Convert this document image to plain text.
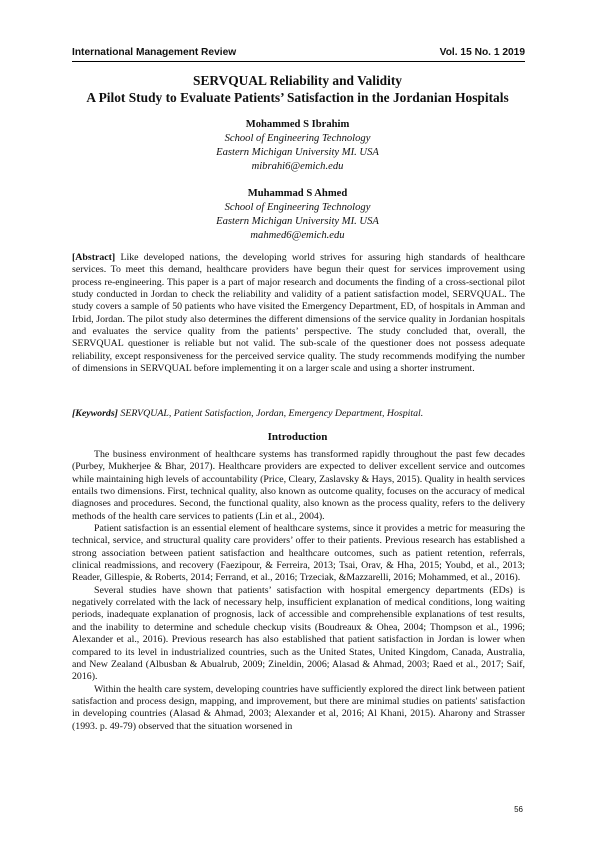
International Management Review	Vol. 15 No. 1 2019
SERVQUAL Reliability and Validity
A Pilot Study to Evaluate Patients’ Satisfaction in the Jordanian Hospitals
Mohammed S Ibrahim
School of Engineering Technology
Eastern Michigan University MI. USA
mibrahi6@emich.edu
Muhammad S Ahmed
School of Engineering Technology
Eastern Michigan University MI. USA
mahmed6@emich.edu
[Abstract] Like developed nations, the developing world strives for assuring high standards of healthcare services. To meet this demand, healthcare providers have begun their quest for services improvement using process re-engineering. This paper is a part of major research and documents the finding of a cross-sectional pilot study conducted in Jordan to check the reliability and validity of a patient satisfaction model, SERVQUAL. The study covers a sample of 50 patients who have visited the Emergency Department, ED, of hospitals in Amman and Irbid, Jordan. The pilot study also determines the different dimensions of the service quality in Jordanian hospitals and evaluates the service quality from the patients’ perspective. The study concluded that, overall, the SERVQUAL questioner is reliable but not valid. The sub-scale of the questioner does not possess adequate reliability, except responsiveness for the perceived service quality. The study recommends modifying the number of dimensions in SERVQUAL before implementing it on a larger scale and using a shorter instrument.
[Keywords] SERVQUAL, Patient Satisfaction, Jordan, Emergency Department, Hospital.
Introduction

The business environment of healthcare systems has transformed rapidly throughout the past few decades (Purbey, Mukherjee & Bhar, 2017). Healthcare providers are expected to deliver excellent service and outcomes while maintaining high levels of accountability (Price, Cleary, Zaslavsky & Hays, 2015). Quality in health services entails two dimensions. First, technical quality, also known as outcome quality, focuses on the accuracy of medical diagnoses and procedures. Second, the functional quality, also known as the process quality, refers to the delivery methods of the health care services to patients (Lin et al., 2004).

Patient satisfaction is an essential element of healthcare systems, since it provides a metric for measuring the technical, service, and structural quality care providers’ offer to their patients. Previous research has established a strong association between patient satisfaction and healthcare outcomes, such as patient retention, referrals, clinical readmissions, and recovery (Faezipour, & Ferreira, 2013; Tsai, Orav, & Hha, 2015; Youbd, et al., 2013; Reader, Gillespie, & Roberts, 2014; Ferrand, et al., 2016; Trzeciak, &Mazzarelli, 2016; Mohammed, et al., 2016).

Several studies have shown that patients’ satisfaction with hospital emergency departments (EDs) is negatively correlated with the lack of necessary help, insufficient explanation of medical conditions, long waiting periods, inadequate explanation of prognosis, lack of accessible and comprehensible explanations of test results, and the inability to determine and schedule checkup visits (Boudreaux & Ohea, 2004; Thompson et al., 1996; Alexander et al., 2016). Previous research has also established that patient satisfaction in Jordan is lower when compared to its level in industrialized countries, such as the United States, United Kingdom, Canada, Australia, and New Zealand (Albusban & Abualrub, 2009; Zineldin, 2006; Alasad & Ahmad, 2003; Raed et al., 2017; Saif, 2016).

Within the health care system, developing countries have sufficiently explored the direct link between patient satisfaction and process design, mapping, and improvement, but there are minimal studies on patients' satisfaction in developing countries (Alasad & Ahmad, 2003; Alexander et al, 2016; Al Khani, 2015). Aharony and Strasser (1993. p. 49-79) observed that the situation worsened in

56
